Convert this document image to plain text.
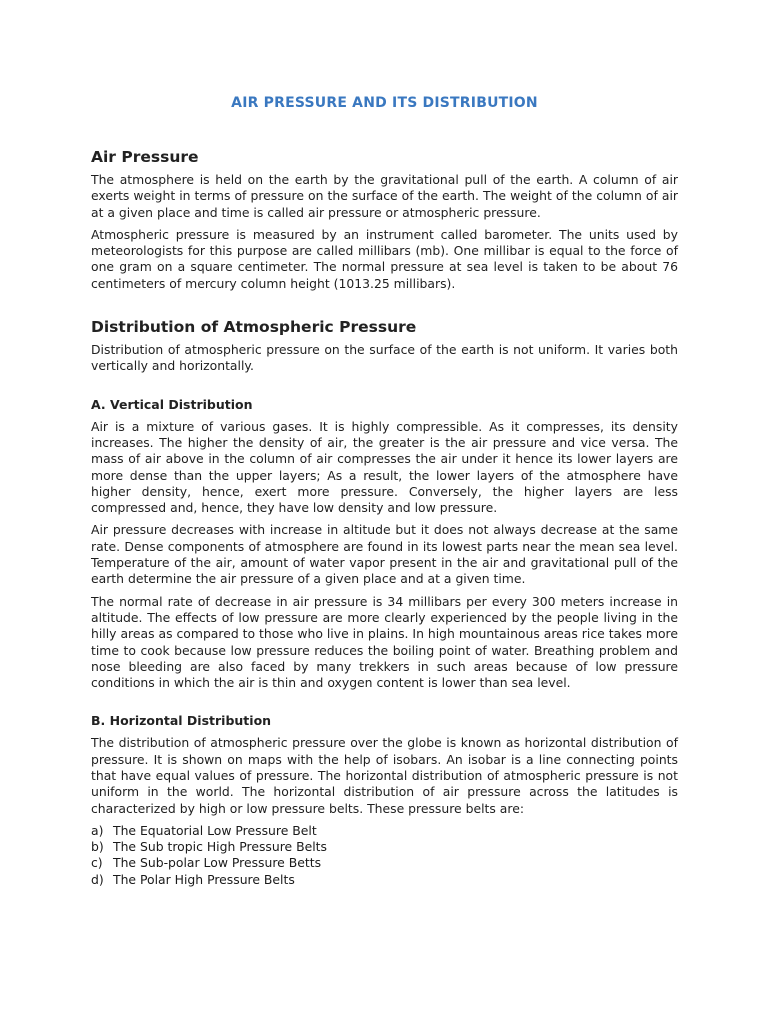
AIR PRESSURE AND ITS DISTRIBUTION
Air Pressure

The atmosphere is held on the earth by the gravitational pull of the earth. A column of air exerts weight in terms of pressure on the surface of the earth. The weight of the column of air at a given place and time is called air pressure or atmospheric pressure.

Atmospheric pressure is measured by an instrument called barometer. The units used by meteorologists for this purpose are called millibars (mb). One millibar is equal to the force of one gram on a square centimeter. The normal pressure at sea level is taken to be about 76 centimeters of mercury column height (1013.25 millibars).

Distribution of Atmospheric Pressure

Distribution of atmospheric pressure on the surface of the earth is not uniform. It varies both vertically and horizontally.

A. Vertical Distribution

Air is a mixture of various gases. It is highly compressible. As it compresses, its density increases. The higher the density of air, the greater is the air pressure and vice versa. The mass of air above in the column of air compresses the air under it hence its lower layers are more dense than the upper layers; As a result, the lower layers of the atmosphere have higher density, hence, exert more pressure. Conversely, the higher layers are less compressed and, hence, they have low density and low pressure.

Air pressure decreases with increase in altitude but it does not always decrease at the same rate. Dense components of atmosphere are found in its lowest parts near the mean sea level. Temperature of the air, amount of water vapor present in the air and gravitational pull of the earth determine the air pressure of a given place and at a given time.

The normal rate of decrease in air pressure is 34 millibars per every 300 meters increase in altitude. The effects of low pressure are more clearly experienced by the people living in the hilly areas as compared to those who live in plains. In high mountainous areas rice takes more time to cook because low pressure reduces the boiling point of water. Breathing problem and nose bleeding are also faced by many trekkers in such areas because of low pressure conditions in which the air is thin and oxygen content is lower than sea level.

B. Horizontal Distribution

The distribution of atmospheric pressure over the globe is known as horizontal distribution of pressure. It is shown on maps with the help of isobars. An isobar is a line connecting points that have equal values of pressure. The horizontal distribution of atmospheric pressure is not uniform in the world. The horizontal distribution of air pressure across the latitudes is characterized by high or low pressure belts. These pressure belts are:

a) The Equatorial Low Pressure Belt
b) The Sub tropic High Pressure Belts
c) The Sub-polar Low Pressure Betts
d) The Polar High Pressure Belts
